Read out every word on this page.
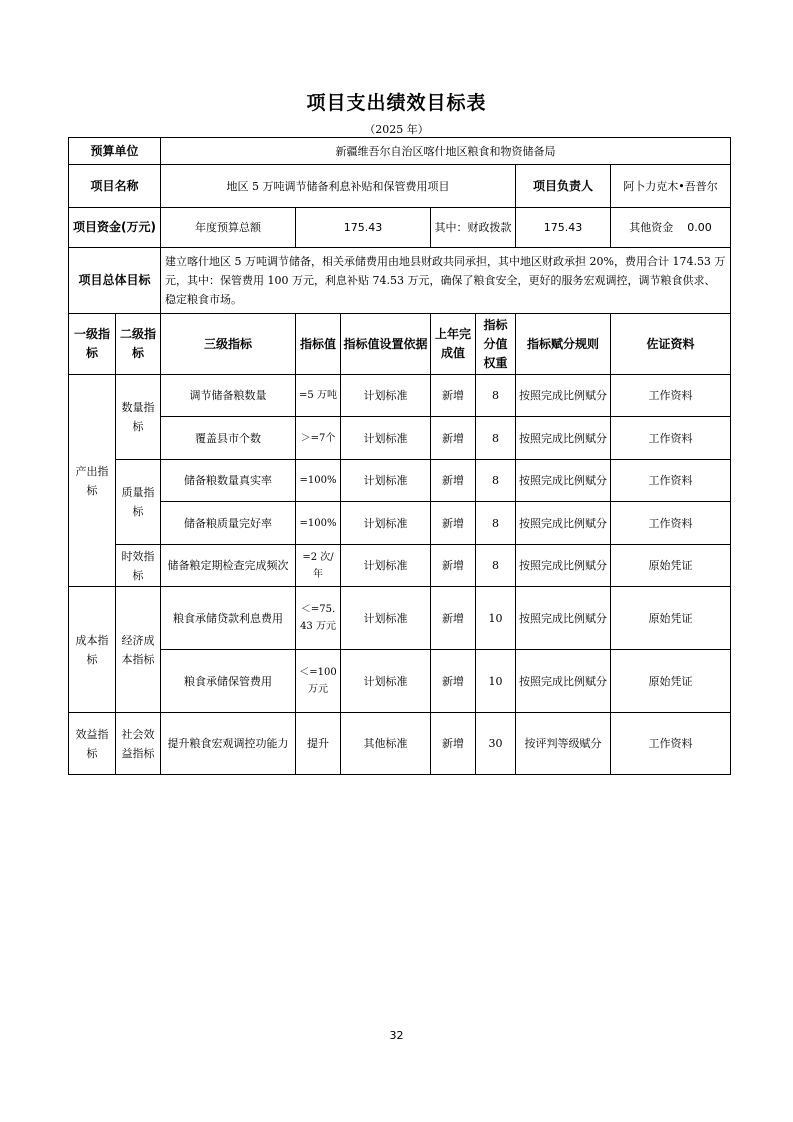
项目支出绩效目标表
（2025 年）
预算单位		新疆维吾尔自治区喀什地区粮食和物资储备局						
项目名称		地区 5 万吨调节储备利息补贴和保管费用项目					项目负责人	阿卜力克木•吾普尔
项目资金(万元)		年度预算总额	175.43		其中：财政拨款		175.43	其他资金 0.00
项目总体目标		建立喀什地区 5 万吨调节储备，相关承储费用由地县财政共同承担，其中地区财政承担 20%，费用合计 174.53 万元，其中：保管费用 100 万元，利息补贴 74.53 万元，确保了粮食安全，更好的服务宏观调控，调节粮食供求、稳定粮食市场。						
一级指标	二级指标	三级指标	指标值	指标值设置依据	上年完成值	指标分值权重	指标赋分规则	佐证资料
产出指标	数量指标	调节储备粮数量	=5 万吨	计划标准	新增	8	按照完成比例赋分	工作资料
		覆盖县市个数	＞=7个	计划标准	新增	8	按照完成比例赋分	工作资料
	质量指标	储备粮数量真实率	=100%	计划标准	新增	8	按照完成比例赋分	工作资料
		储备粮质量完好率	=100%	计划标准	新增	8	按照完成比例赋分	工作资料
	时效指标	储备粮定期检查完成频次	=2 次/年	计划标准	新增	8	按照完成比例赋分	原始凭证
成本指标	经济成本指标	粮食承储贷款利息费用	＜=75.43 万元	计划标准	新增	10	按照完成比例赋分	原始凭证
		粮食承储保管费用	＜=100万元	计划标准	新增	10	按照完成比例赋分	原始凭证
效益指标	社会效益指标	提升粮食宏观调控功能力	提升	其他标准	新增	30	按评判等级赋分	工作资料
32
